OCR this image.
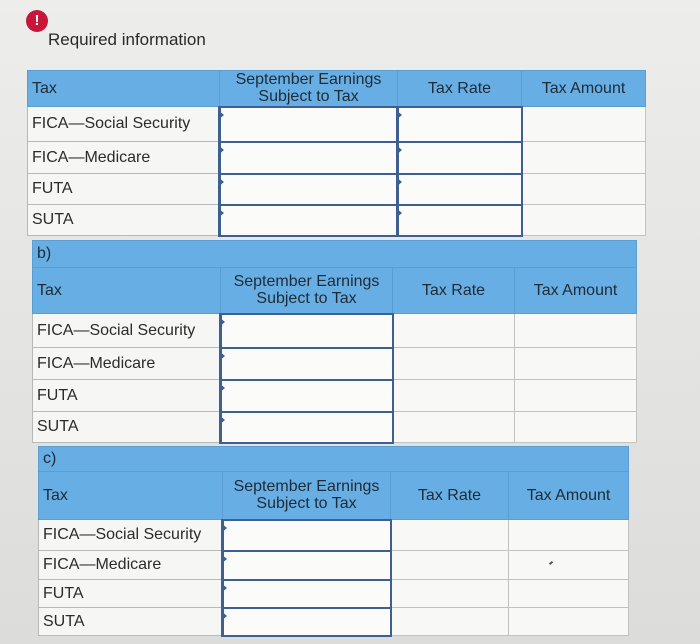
!
Required information
Tax	September Earnings Subject to Tax	Tax Rate	Tax Amount
FICA—Social Security			
FICA—Medicare			
FUTA			
SUTA			
b)			
Tax	September Earnings Subject to Tax	Tax Rate	Tax Amount
FICA—Social Security			
FICA—Medicare			
FUTA			
SUTA			
c)			
Tax	September Earnings Subject to Tax	Tax Rate	Tax Amount
FICA—Social Security			
FICA—Medicare			
FUTA			
SUTA			
